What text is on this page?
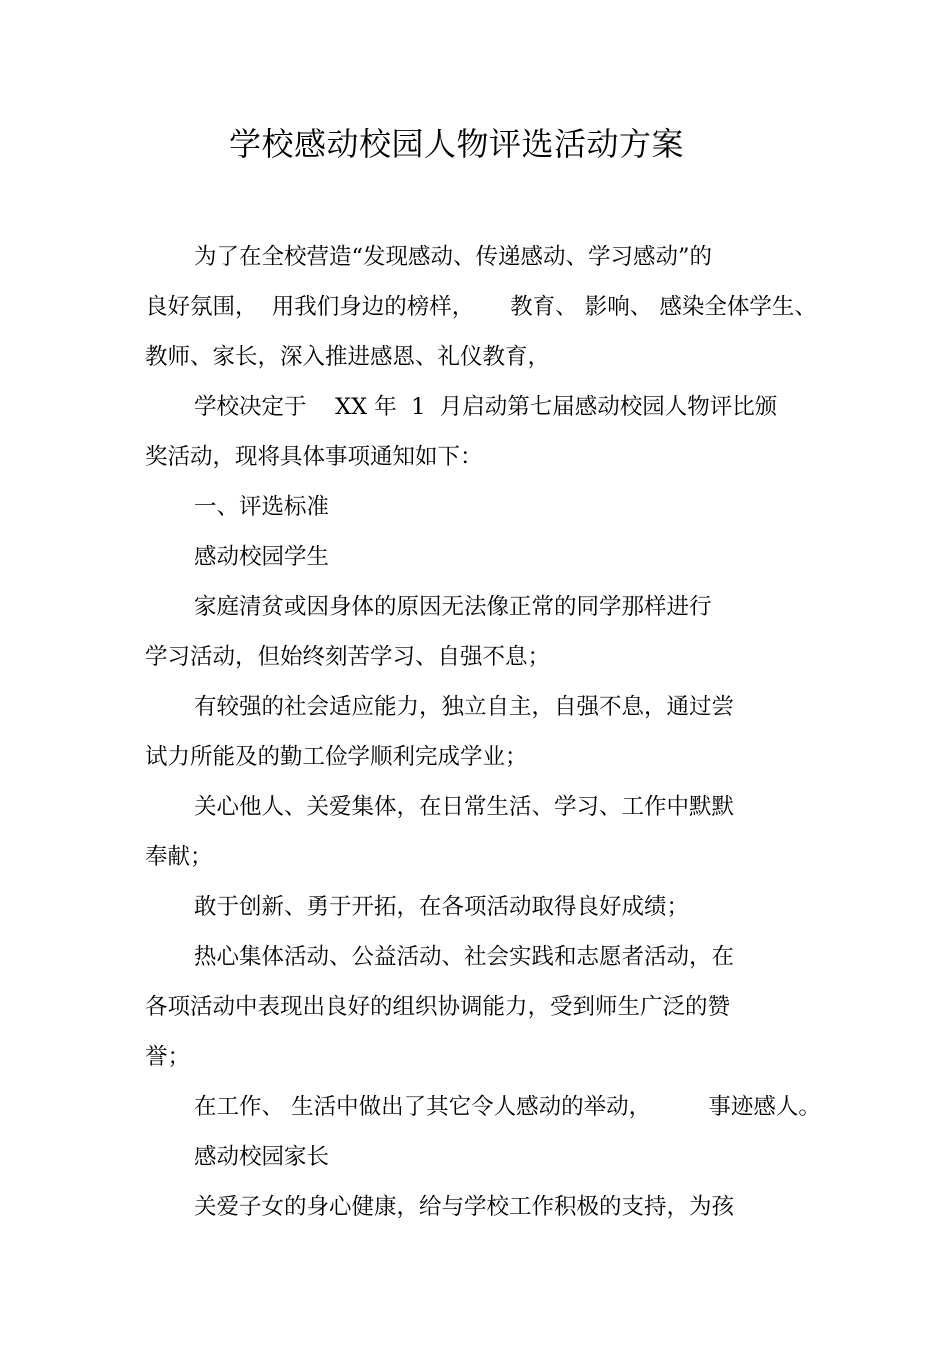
学校感动校园人物评选活动方案
为了在全校营造“发现感动、传递感动、学习感动”的
良好氛围，  用我们身边的榜样，     教育、 影响、 感染全体学生、
教师、家长，深入推进感恩、礼仪教育，
学校决定于    XX 年  1  月启动第七届感动校园人物评比颁
奖活动，现将具体事项通知如下：
一、评选标准
感动校园学生
家庭清贫或因身体的原因无法像正常的同学那样进行
学习活动，但始终刻苦学习、自强不息；
有较强的社会适应能力，独立自主，自强不息，通过尝
试力所能及的勤工俭学顺利完成学业；
关心他人、关爱集体，在日常生活、学习、工作中默默
奉献；
敢于创新、勇于开拓，在各项活动取得良好成绩；
热心集体活动、公益活动、社会实践和志愿者活动，在
各项活动中表现出良好的组织协调能力，受到师生广泛的赞
誉；
在工作、 生活中做出了其它令人感动的举动，        事迹感人。
感动校园家长
关爱子女的身心健康，给与学校工作积极的支持，为孩
